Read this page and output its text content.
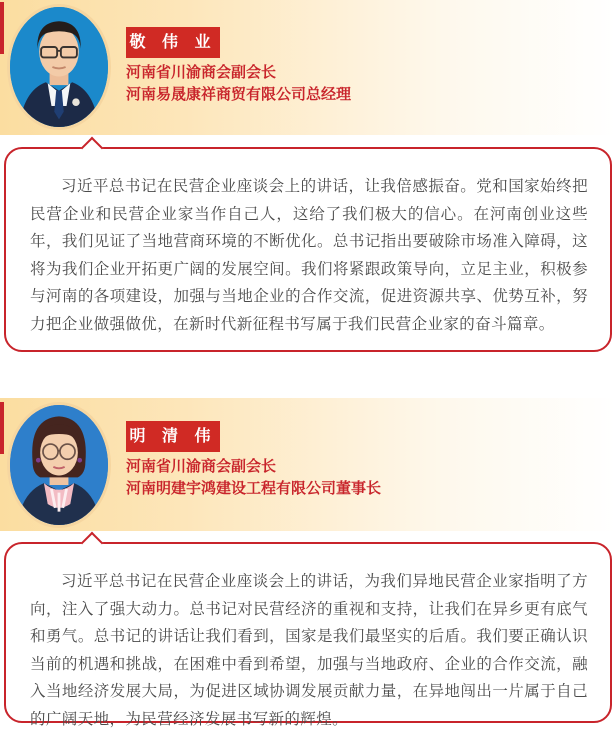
敬 伟 业
河南省川渝商会副会长
河南易晟康祥商贸有限公司总经理
习近平总书记在民营企业座谈会上的讲话，让我倍感振奋。党和国家始终把民营企业和民营企业家当作自己人，这给了我们极大的信心。在河南创业这些年，我们见证了当地营商环境的不断优化。总书记指出要破除市场准入障碍，这将为我们企业开拓更广阔的发展空间。我们将紧跟政策导向，立足主业，积极参与河南的各项建设，加强与当地企业的合作交流，促进资源共享、优势互补，努力把企业做强做优，在新时代新征程书写属于我们民营企业家的奋斗篇章。
明 清 伟
河南省川渝商会副会长
河南明建宇鸿建设工程有限公司董事长
习近平总书记在民营企业座谈会上的讲话，为我们异地民营企业家指明了方向，注入了强大动力。总书记对民营经济的重视和支持，让我们在异乡更有底气和勇气。总书记的讲话让我们看到，国家是我们最坚实的后盾。我们要正确认识当前的机遇和挑战，在困难中看到希望，加强与当地政府、企业的合作交流，融入当地经济发展大局，为促进区域协调发展贡献力量，在异地闯出一片属于自己的广阔天地，为民营经济发展书写新的辉煌。
